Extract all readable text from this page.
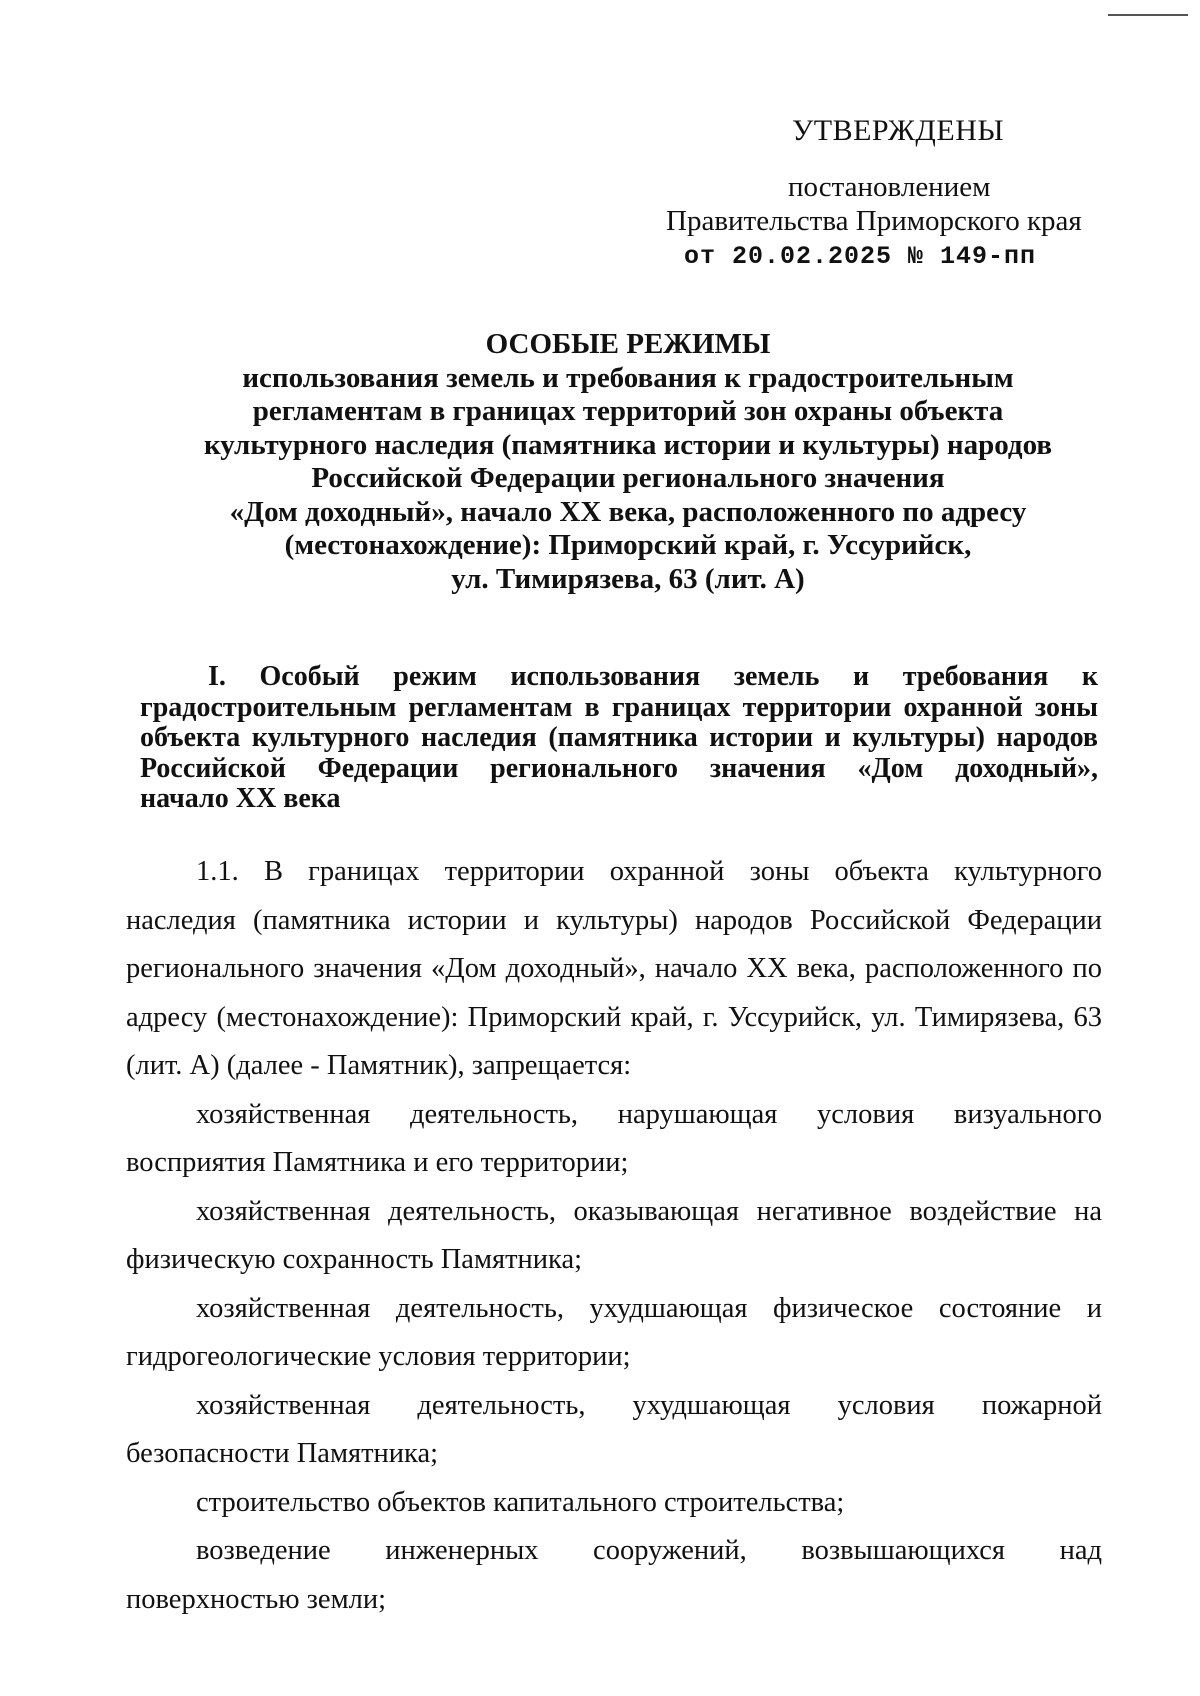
УТВЕРЖДЕНЫ
постановлением
Правительства Приморского края
от 20.02.2025 № 149-пп
ОСОБЫЕ РЕЖИМЫ
использования земель и требования к градостроительным
регламентам в границах территорий зон охраны объекта
культурного наследия (памятника истории и культуры) народов
Российской Федерации регионального значения
«Дом доходный», начало XX века, расположенного по адресу
(местонахождение): Приморский край, г. Уссурийск,
ул. Тимирязева, 63 (лит. А)
I. Особый режим использования земель и требования к
градостроительным регламентам в границах территории охранной зоны
объекта культурного наследия (памятника истории и культуры) народов
Российской Федерации регионального значения «Дом доходный»,
начало XX века
1.1. В границах территории охранной зоны объекта культурного
наследия (памятника истории и культуры) народов Российской Федерации
регионального значения «Дом доходный», начало XX века, расположенного по
адресу (местонахождение): Приморский край, г. Уссурийск, ул. Тимирязева, 63
(лит. А) (далее - Памятник), запрещается:
хозяйственная деятельность, нарушающая условия визуального
восприятия Памятника и его территории;
хозяйственная деятельность, оказывающая негативное воздействие на
физическую сохранность Памятника;
хозяйственная деятельность, ухудшающая физическое состояние и
гидрогеологические условия территории;
хозяйственная деятельность, ухудшающая условия пожарной
безопасности Памятника;
строительство объектов капитального строительства;
возведение инженерных сооружений, возвышающихся над
поверхностью земли;
